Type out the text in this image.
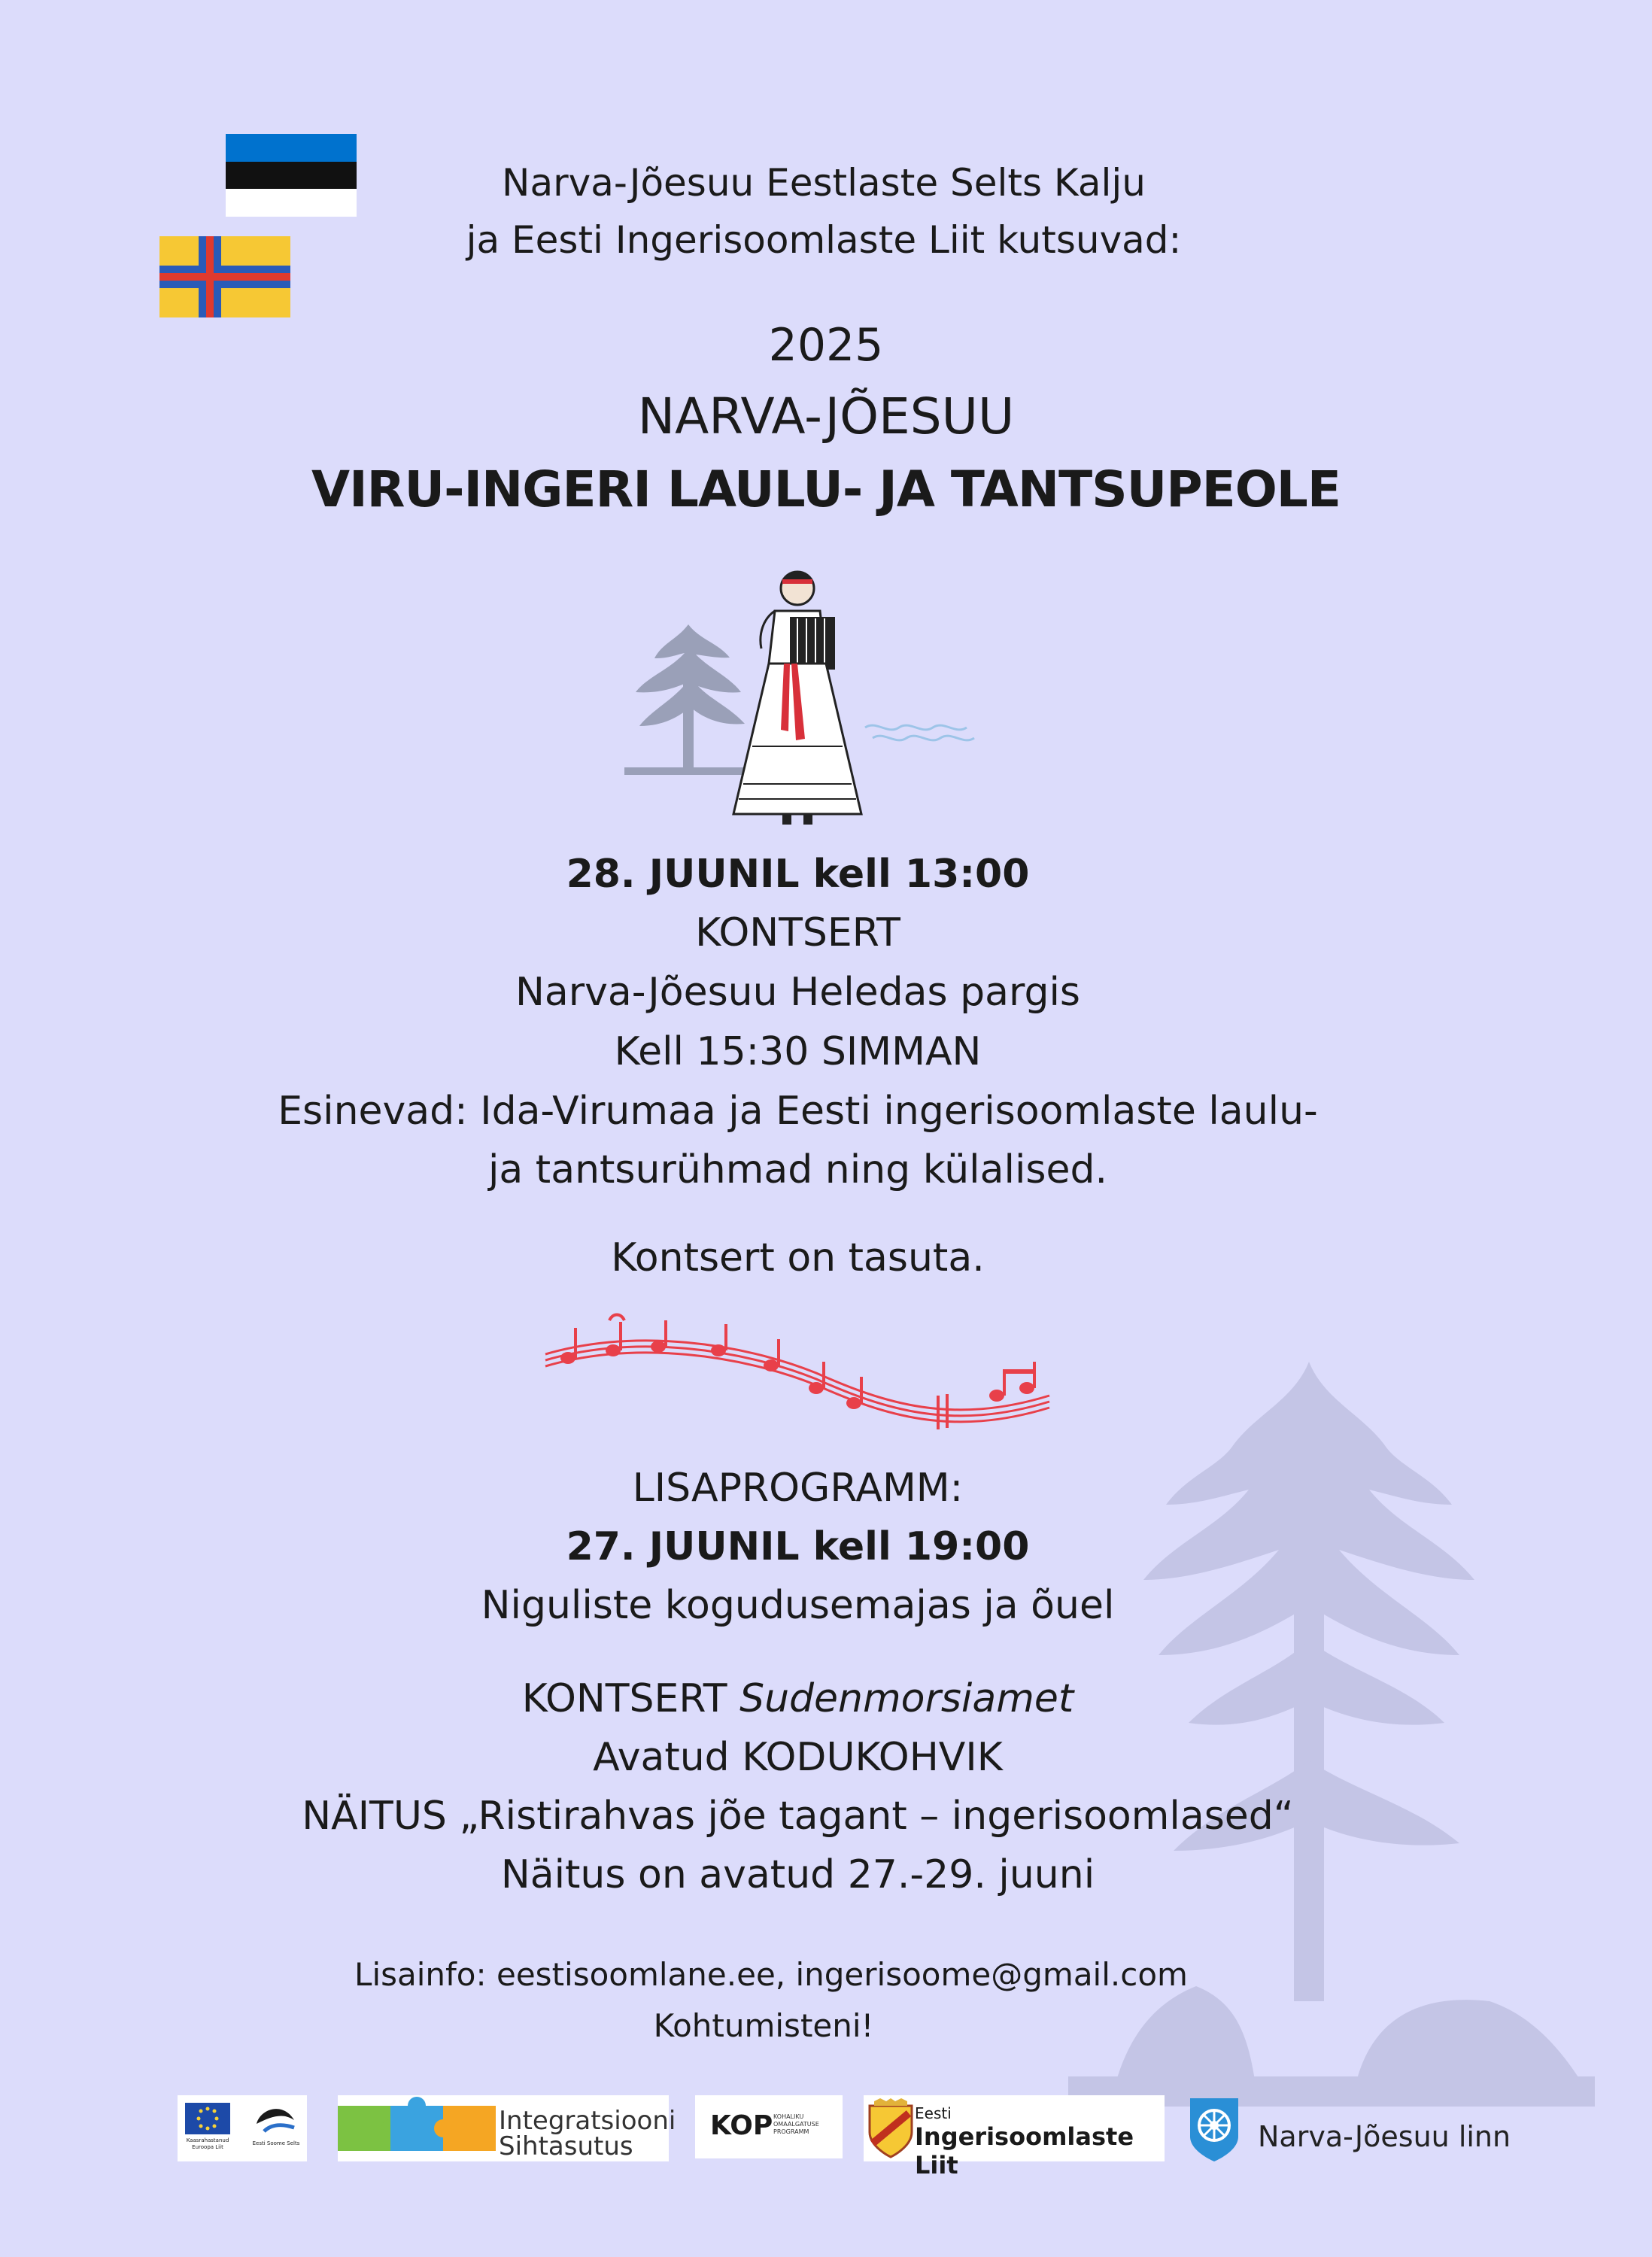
Narva-Jõesuu Eestlaste Selts Kalju
ja Eesti Ingerisoomlaste Liit kutsuvad:
2025
NARVA-JÕESUU
VIRU-INGERI LAULU- JA TANTSUPEOLE
28. JUUNIL kell 13:00
KONTSERT
Narva-Jõesuu Heledas pargis
Kell 15:30 SIMMAN
Esinevad: Ida-Virumaa ja Eesti ingerisoomlaste laulu-
ja tantsurühmad ning külalised.
Kontsert on tasuta.
LISAPROGRAMM:
27. JUUNIL kell 19:00
Niguliste kogudusemajas ja õuel
KONTSERT Sudenmorsiamet
Avatud KODUKOHVIK
NÄITUS „Ristirahvas jõe tagant – ingerisoomlased“
Näitus on avatud 27.-29. juuni
Lisainfo: eestisoomlane.ee, ingerisoome@gmail.com
Kohtumisteni!
Kaasrahastanud Euroopa Liit
Eesti Soome Selts
Integratsiooni
Sihtasutus
KOP KOHALIKU OMAALGATUSE PROGRAMM
Eesti
Ingerisoomlaste Liit
Narva-Jõesuu linn
